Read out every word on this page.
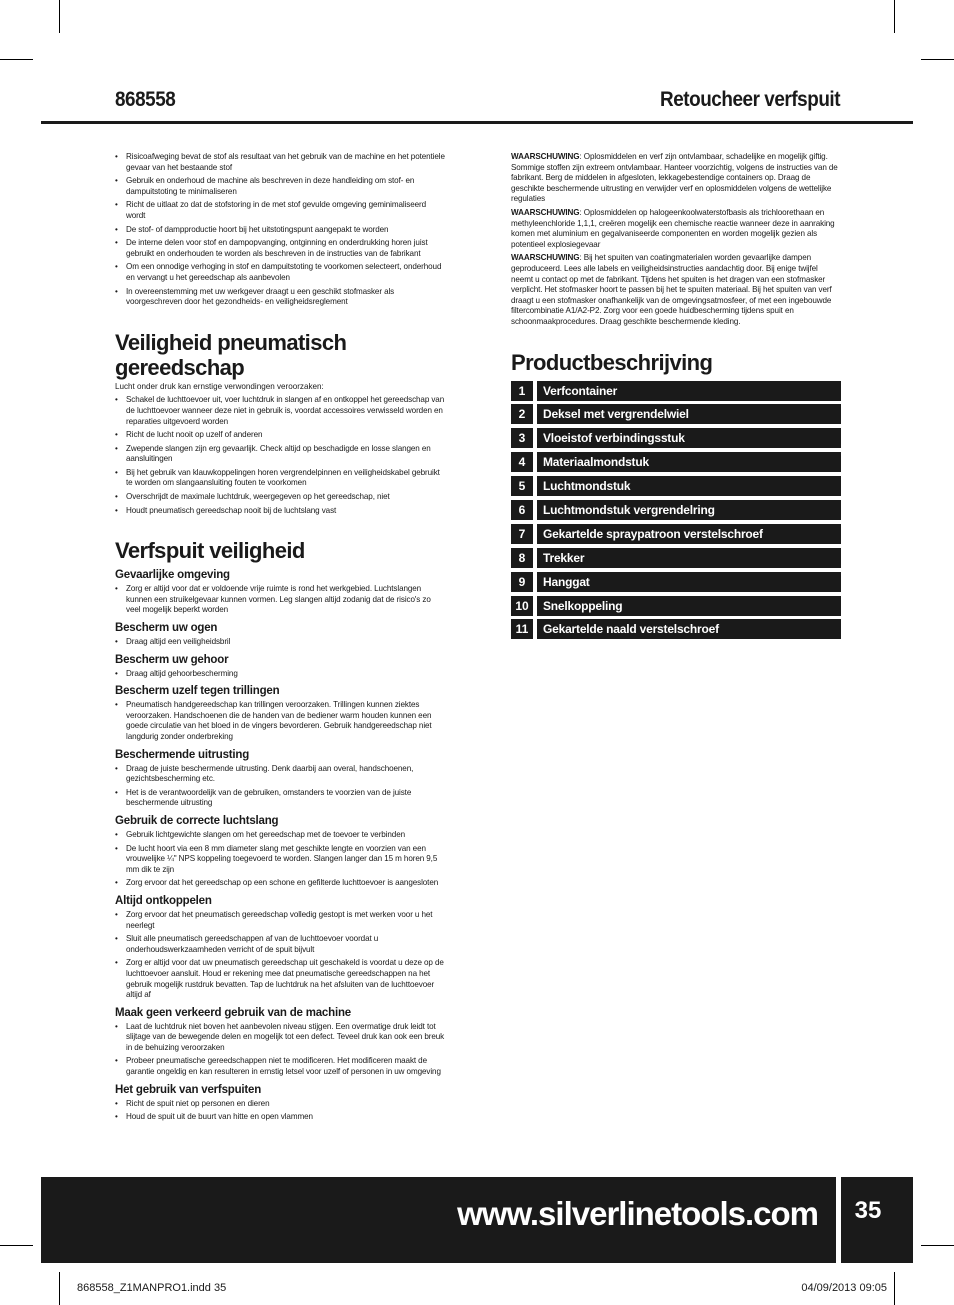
868558	Retoucheer verfspuit
• Risicoafweging bevat de stof als resultaat van het gebruik van de machine en het potentiele gevaar van het bestaande stof
• Gebruik en onderhoud de machine als beschreven in deze handleiding om stof- en dampuitstoting te minimaliseren
• Richt de uitlaat zo dat de stofstoring in de met stof gevulde omgeving geminimaliseerd wordt
• De stof- of dampproductie hoort bij het uitstotingspunt aangepakt te worden
• De interne delen voor stof en dampopvanging, ontginning en onderdrukking horen juist gebruikt en onderhouden te worden als beschreven in de instructies van de fabrikant
• Om een onnodige verhoging in stof en dampuitstoting te voorkomen selecteert, onderhoud en vervangt u het gereedschap als aanbevolen
• In overeenstemming met uw werkgever draagt u een geschikt stofmasker als voorgeschreven door het gezondheids- en veiligheidsreglement
Veiligheid pneumatisch gereedschap

Lucht onder druk kan ernstige verwondingen veroorzaken:

• Schakel de luchttoevoer uit, voer luchtdruk in slangen af en ontkoppel het gereedschap van de luchttoevoer wanneer deze niet in gebruik is, voordat accessoires verwisseld worden en reparaties uitgevoerd worden
• Richt de lucht nooit op uzelf of anderen
• Zwepende slangen zijn erg gevaarlijk. Check altijd op beschadigde en losse slangen en aansluitingen
• Bij het gebruik van klauwkoppelingen horen vergrendelpinnen en veiligheidskabel gebruikt te worden om slangaansluiting fouten te voorkomen
• Overschrijdt de maximale luchtdruk, weergegeven op het gereedschap, niet
• Houdt pneumatisch gereedschap nooit bij de luchtslang vast
Verfspuit veiligheid
Gevaarlijke omgeving
• Zorg er altijd voor dat er voldoende vrije ruimte is rond het werkgebied. Luchtslangen kunnen een struikelgevaar kunnen vormen. Leg slangen altijd zodanig dat de risico's zo veel mogelijk beperkt worden
Bescherm uw ogen
• Draag altijd een veiligheidsbril
Bescherm uw gehoor
• Draag altijd gehoorbescherming
Bescherm uzelf tegen trillingen
• Pneumatisch handgereedschap kan trillingen veroorzaken. Trillingen kunnen ziektes veroorzaken. Handschoenen die de handen van de bediener warm houden kunnen een goede circulatie van het bloed in de vingers bevorderen. Gebruik handgereedschap niet langdurig zonder onderbreking
Beschermende uitrusting
• Draag de juiste beschermende uitrusting. Denk daarbij aan overal, handschoenen, gezichtsbescherming etc.
• Het is de verantwoordelijk van de gebruiken, omstanders te voorzien van de juiste beschermende uitrusting
Gebruik de correcte luchtslang
• Gebruik lichtgewichte slangen om het gereedschap met de toevoer te verbinden
• De lucht hoort via een 8 mm diameter slang met geschikte lengte en voorzien van een vrouwelijke ¼" NPS koppeling toegevoerd te worden. Slangen langer dan 15 m horen 9,5 mm dik te zijn
• Zorg ervoor dat het gereedschap op een schone en gefilterde luchttoevoer is aangesloten
Altijd ontkoppelen
• Zorg ervoor dat het pneumatisch gereedschap volledig gestopt is met werken voor u het neerlegt
• Sluit alle pneumatisch gereedschappen af van de luchttoevoer voordat u onderhoudswerkzaamheden verricht of de spuit bijvult
• Zorg er altijd voor dat uw pneumatisch gereedschap uit geschakeld is voordat u deze op de luchttoevoer aansluit. Houd er rekening mee dat pneumatische gereedschappen na het gebruik mogelijk rustdruk bevatten. Tap de luchtdruk na het afsluiten van de luchttoevoer altijd af
Maak geen verkeerd gebruik van de machine
• Laat de luchtdruk niet boven het aanbevolen niveau stijgen. Een overmatige druk leidt tot slijtage van de bewegende delen en mogelijk tot een defect. Teveel druk kan ook een breuk in de behuizing veroorzaken
• Probeer pneumatische gereedschappen niet te modificeren. Het modificeren maakt de garantie ongeldig en kan resulteren in ernstig letsel voor uzelf of personen in uw omgeving
Het gebruik van verfspuiten
• Richt de spuit niet op personen en dieren
• Houd de spuit uit de buurt van hitte en open vlammen

WAARSCHUWING: Oplosmiddelen en verf zijn ontvlambaar, schadelijke en mogelijk giftig. Sommige stoffen zijn extreem ontvlambaar. Hanteer voorzichtig, volgens de instructies van de fabrikant. Berg de middelen in afgesloten, lekkagebestendige containers op. Draag de geschikte beschermende uitrusting en verwijder verf en oplosmiddelen volgens de wettelijke regulaties

WAARSCHUWING: Oplosmiddelen op halogeenkoolwaterstofbasis als trichloorethaan en methyleenchloride 1,1,1, creëren mogelijk een chemische reactie wanneer deze in aanraking komen met aluminium en gegalvaniseerde componenten en worden mogelijk gezien als potentieel explosiegevaar

WAARSCHUWING: Bij het spuiten van coatingmaterialen worden gevaarlijke dampen geproduceerd. Lees alle labels en veiligheidsinstructies aandachtig door. Bij enige twijfel neemt u contact op met de fabrikant. Tijdens het spuiten is het dragen van een stofmasker verplicht. Het stofmasker hoort te passen bij het te spuiten materiaal. Bij het spuiten van verf draagt u een stofmasker onafhankelijk van de omgevingsatmosfeer, of met een ingebouwde filtercombinatie A1/A2-P2. Zorg voor een goede huidbescherming tijdens spuit en schoonmaakprocedures. Draag geschikte beschermende kleding.

Productbeschrijving
1	Verfcontainer
2	Deksel met vergrendelwiel
3	Vloeistof verbindingsstuk
4	Materiaalmondstuk
5	Luchtmondstuk
6	Luchtmondstuk vergrendelring
7	Gekartelde spraypatroon verstelschroef
8	Trekker
9	Hanggat
10	Snelkoppeling
11	Gekartelde naald verstelschroef
www.silverlinetools.com	35
868558_Z1MANPRO1.indd 35	04/09/2013 09:05
